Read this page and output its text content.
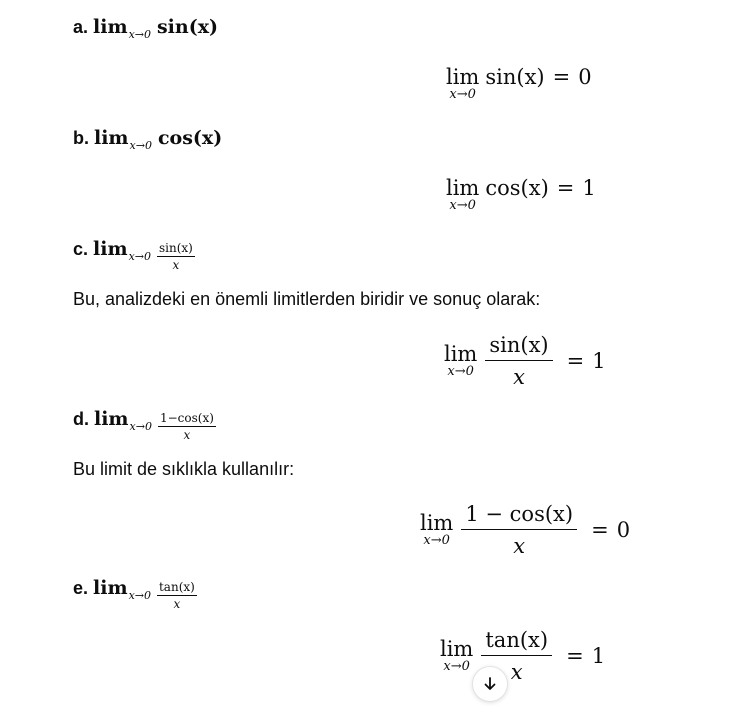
a. lim x→0 sin(x)
lim
x→0
sin(x) = 0
b. lim x→0 cos(x)
lim
x→0
cos(x) = 1
c. $\lim x\to 0 \frac{\sin(x)}{x}$
Bu, analizdeki en önemli limitlerden biridir ve sonuç olarak:
lim
$x\to 0 \frac{\sin(x)}{x} = 1$
d. $\lim x\to 0 \frac{1-\cos(x)}{x}$
Bu limit de sıklıkla kullanılır:
lim
$x\to 0 \frac{1 - \cos(x)}{x} = 0$
e. $\lim x\to 0 \frac{\tan(x)}{x}$
lim
$x\to 0 \frac{\tan(x)}{x} = 1$
